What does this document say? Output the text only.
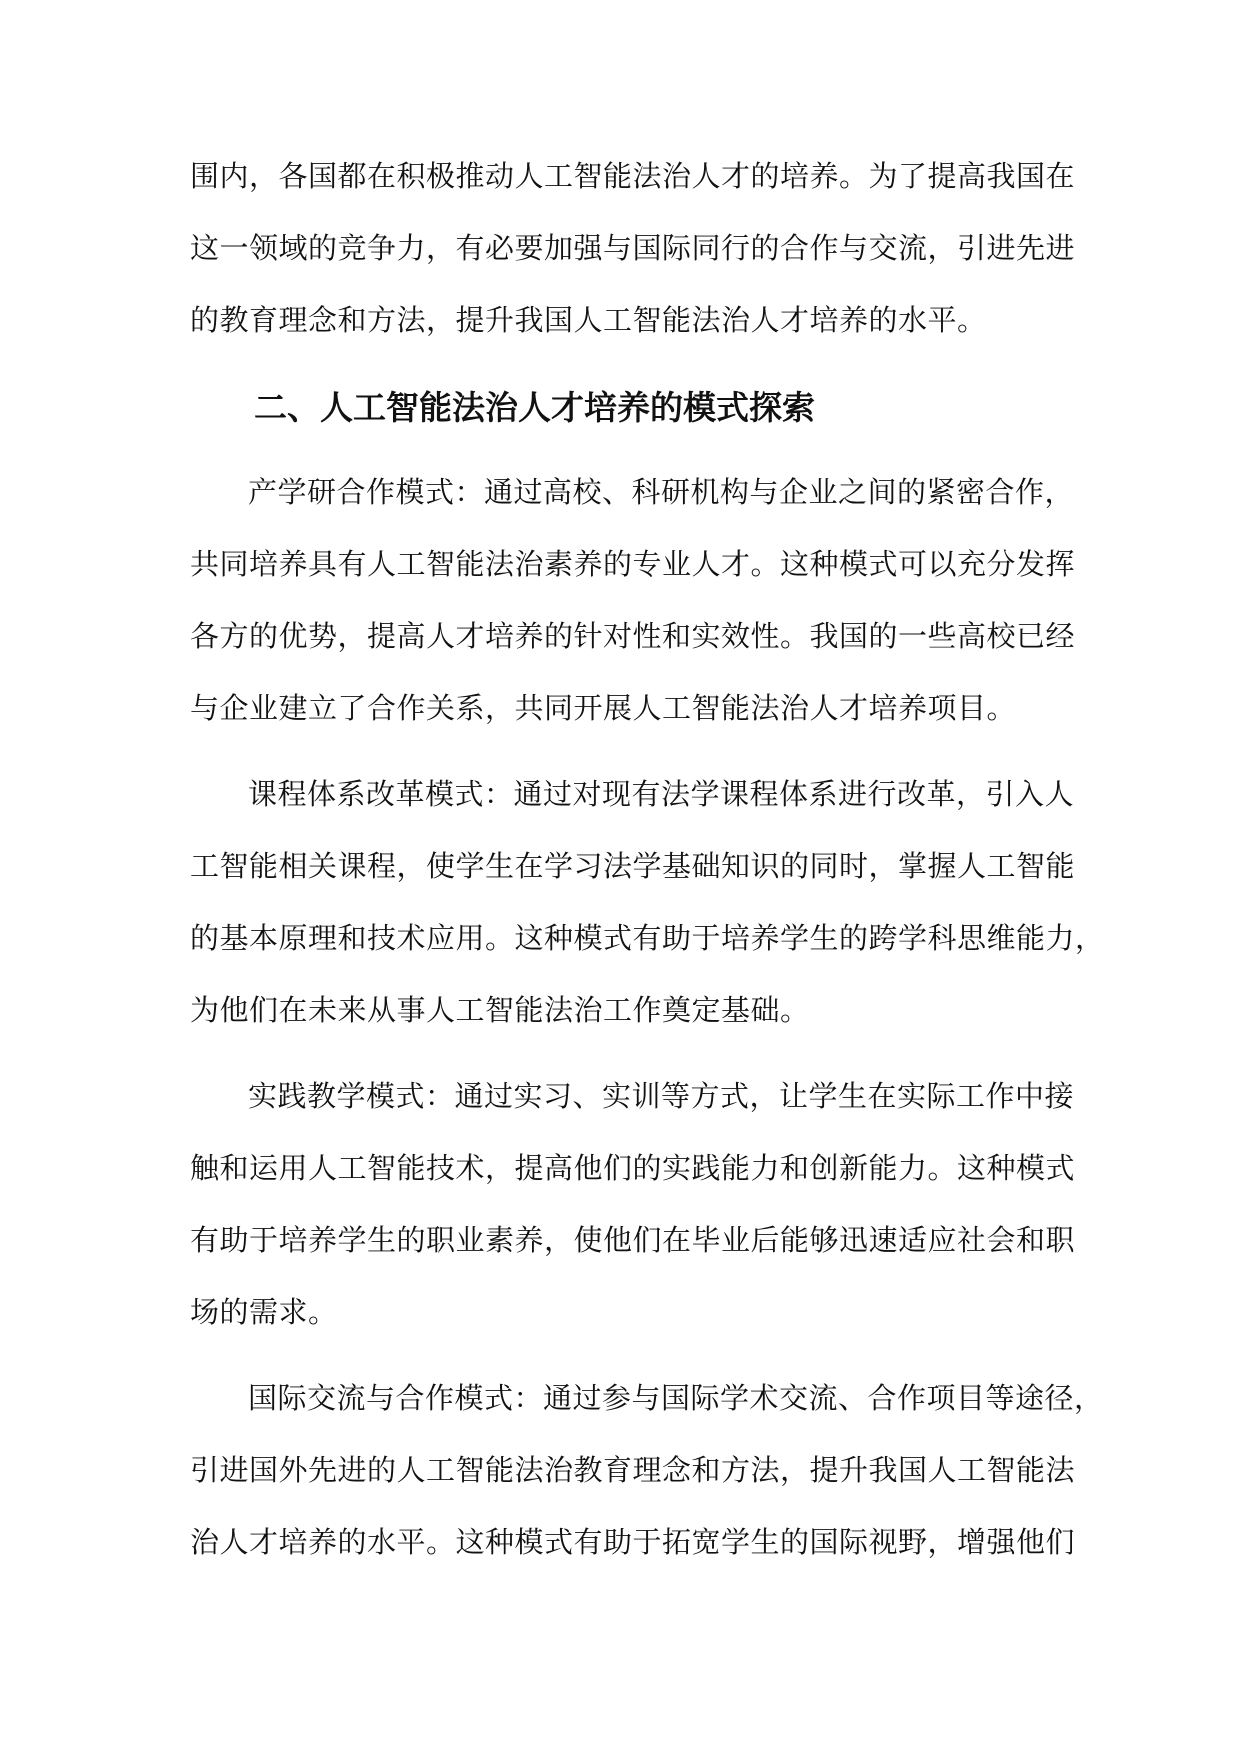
围内，各国都在积极推动人工智能法治人才的培养。为了提高我国在
这一领域的竞争力，有必要加强与国际同行的合作与交流，引进先进
的教育理念和方法，提升我国人工智能法治人才培养的水平。
二、人工智能法治人才培养的模式探索
产学研合作模式：通过高校、科研机构与企业之间的紧密合作，
共同培养具有人工智能法治素养的专业人才。这种模式可以充分发挥
各方的优势，提高人才培养的针对性和实效性。我国的一些高校已经
与企业建立了合作关系，共同开展人工智能法治人才培养项目。
课程体系改革模式：通过对现有法学课程体系进行改革，引入人
工智能相关课程，使学生在学习法学基础知识的同时，掌握人工智能
的基本原理和技术应用。这种模式有助于培养学生的跨学科思维能力，
为他们在未来从事人工智能法治工作奠定基础。
实践教学模式：通过实习、实训等方式，让学生在实际工作中接
触和运用人工智能技术，提高他们的实践能力和创新能力。这种模式
有助于培养学生的职业素养，使他们在毕业后能够迅速适应社会和职
场的需求。
国际交流与合作模式：通过参与国际学术交流、合作项目等途径，
引进国外先进的人工智能法治教育理念和方法，提升我国人工智能法
治人才培养的水平。这种模式有助于拓宽学生的国际视野，增强他们
